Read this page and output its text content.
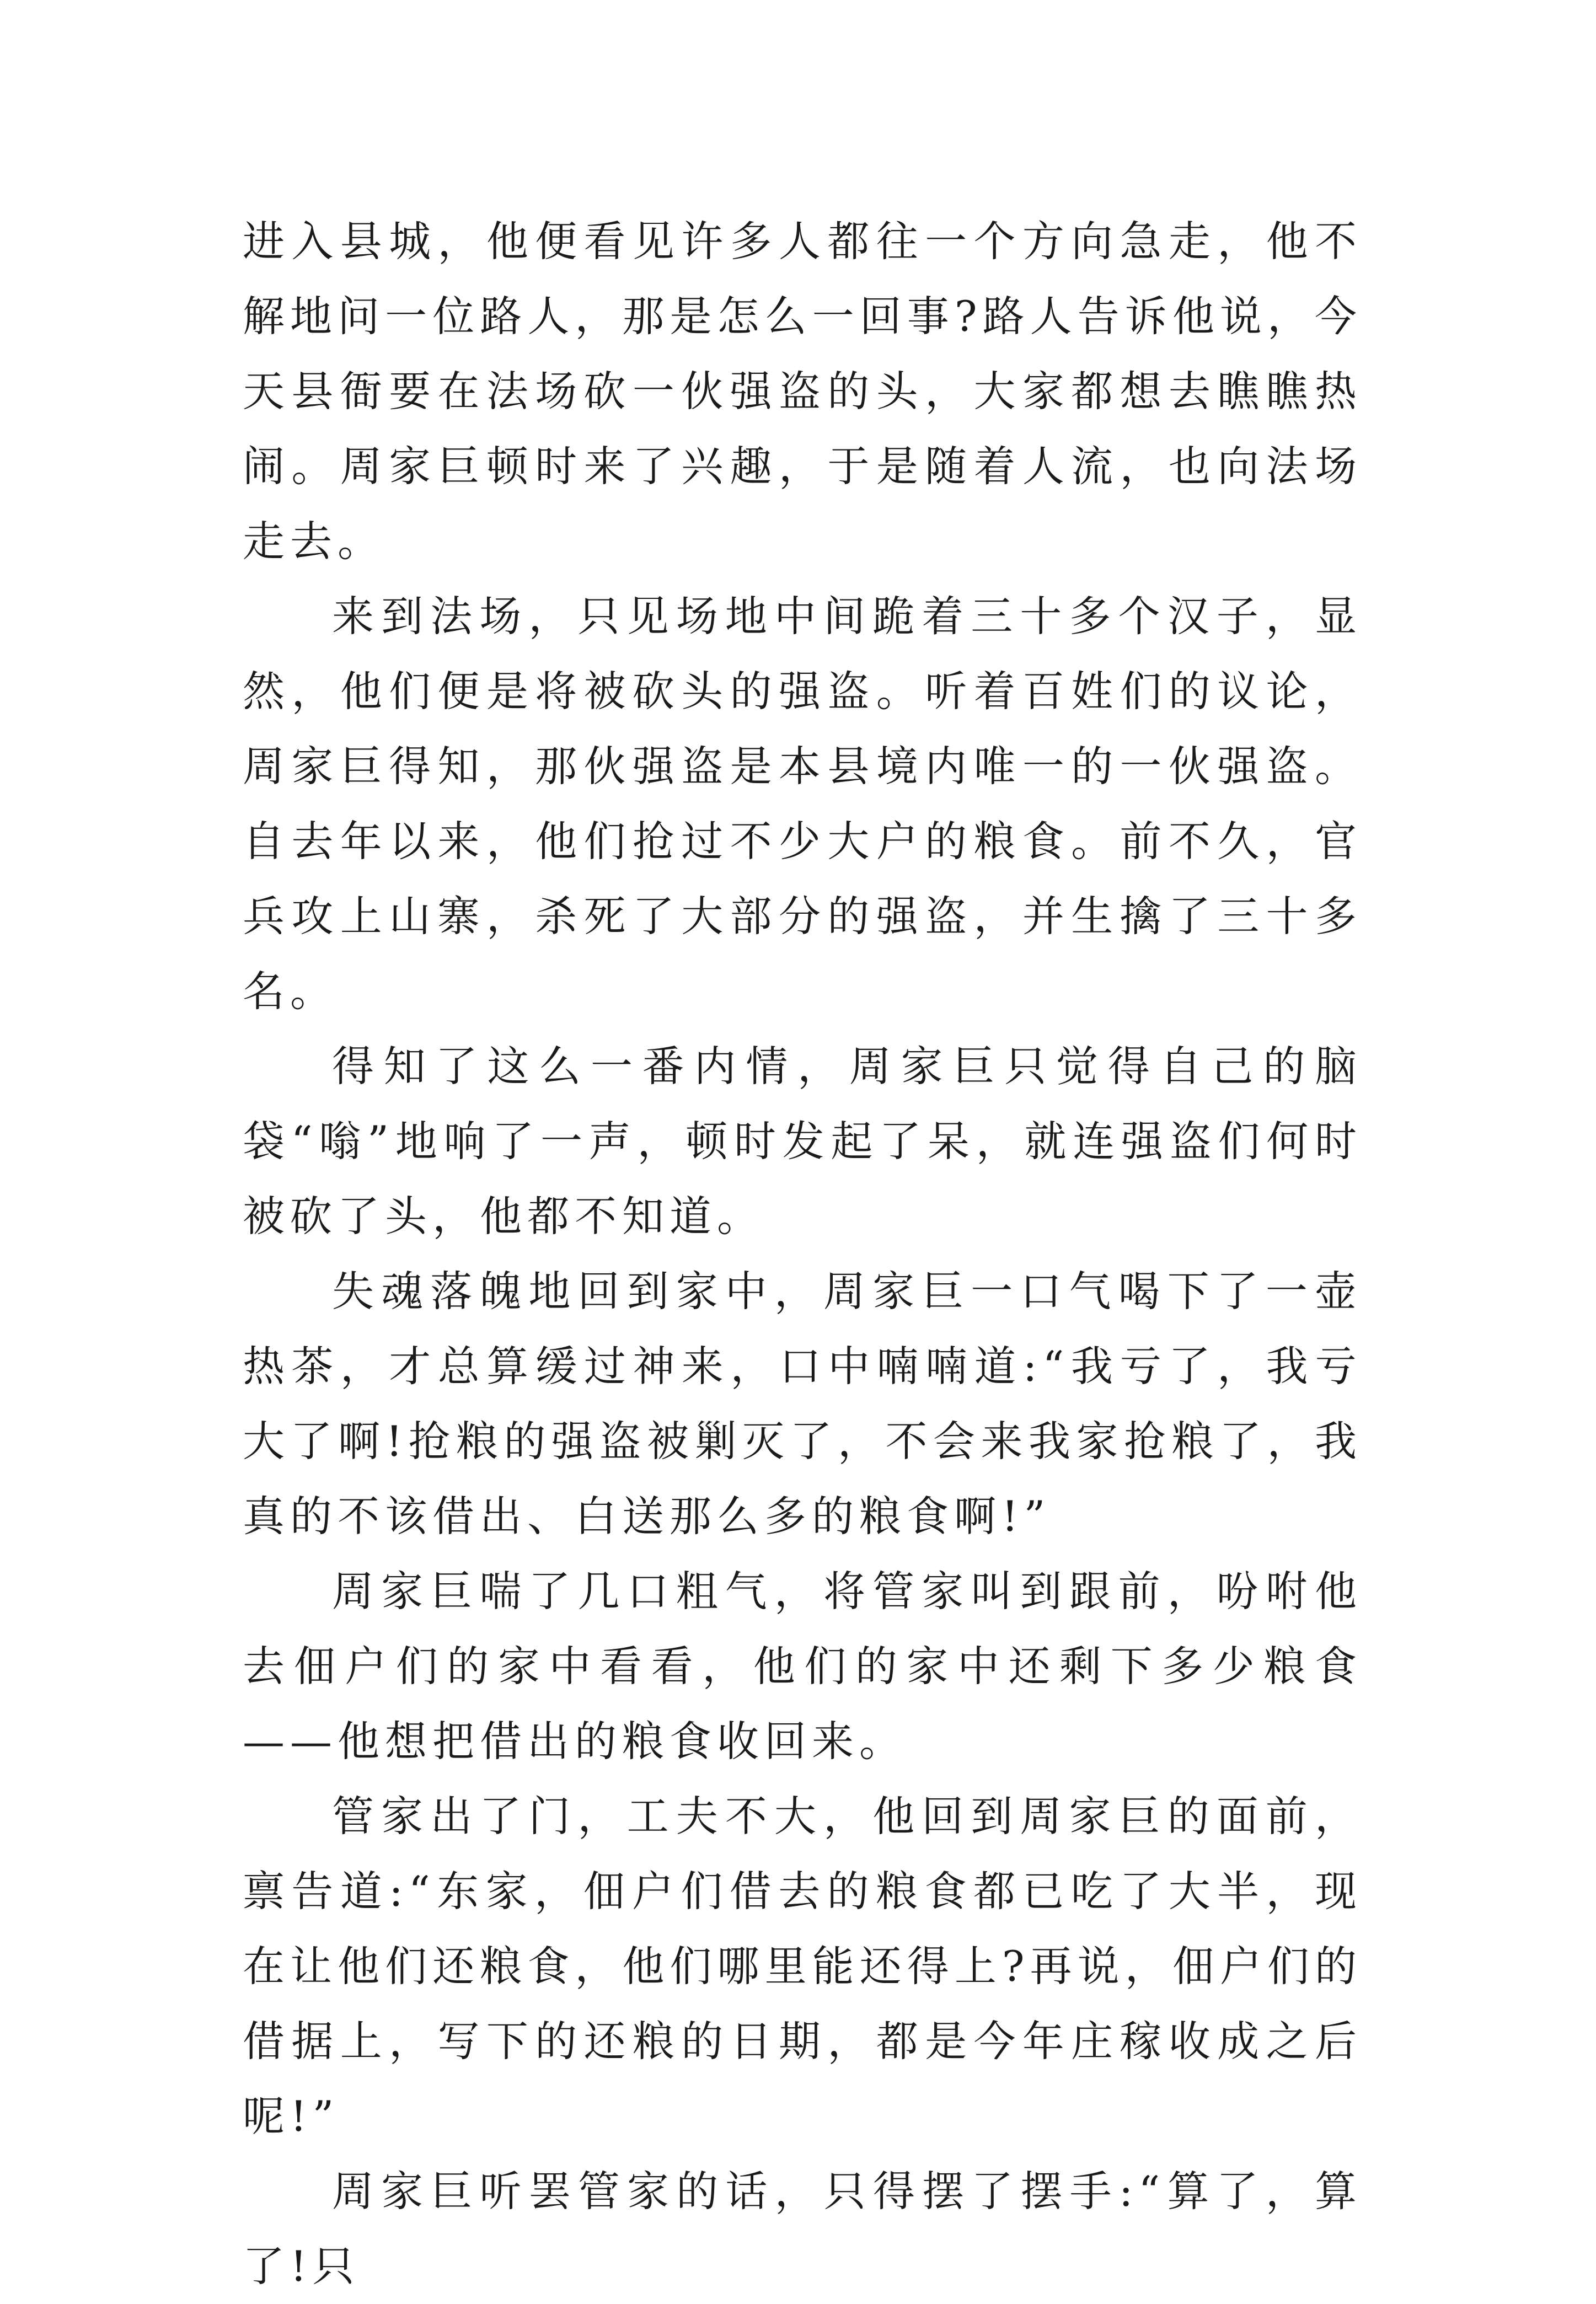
进入县城，他便看见许多人都往一个方向急走，他不解地问一位路人，那是怎么一回事?路人告诉他说，今天县衙要在法场砍一伙强盗的头，大家都想去瞧瞧热闹。周家巨顿时来了兴趣，于是随着人流，也向法场走去。

来到法场，只见场地中间跪着三十多个汉子，显然，他们便是将被砍头的强盗。听着百姓们的议论，周家巨得知，那伙强盗是本县境内唯一的一伙强盗。自去年以来，他们抢过不少大户的粮食。前不久，官兵攻上山寨，杀死了大部分的强盗，并生擒了三十多名。

得知了这么一番内情，周家巨只觉得自己的脑袋“嗡”地响了一声，顿时发起了呆，就连强盗们何时被砍了头，他都不知道。

失魂落魄地回到家中，周家巨一口气喝下了一壶热茶，才总算缓过神来，口中喃喃道:“我亏了，我亏大了啊!抢粮的强盗被剿灭了，不会来我家抢粮了，我真的不该借出、白送那么多的粮食啊!”

周家巨喘了几口粗气，将管家叫到跟前，吩咐他去佃户们的家中看看，他们的家中还剩下多少粮食——他想把借出的粮食收回来。

管家出了门，工夫不大，他回到周家巨的面前，禀告道:“东家，佃户们借去的粮食都已吃了大半，现在让他们还粮食，他们哪里能还得上?再说，佃户们的借据上，写下的还粮的日期，都是今年庄稼收成之后呢!”

周家巨听罢管家的话，只得摆了摆手:“算了，算了!只
